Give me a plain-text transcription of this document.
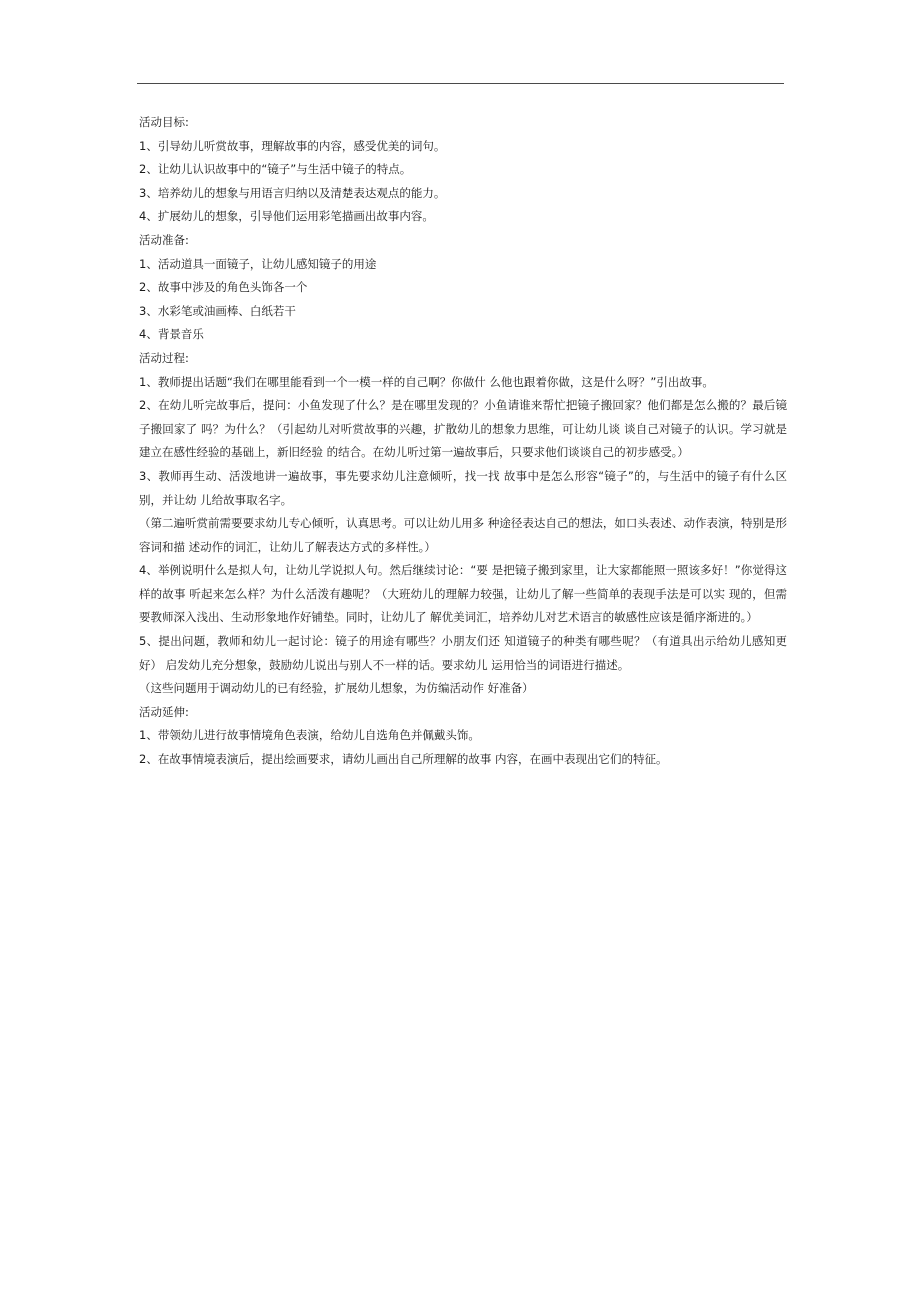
活动目标:

1、引导幼儿听赏故事，理解故事的内容，感受优美的词句。

2、让幼儿认识故事中的“镜子”与生活中镜子的特点。

3、培养幼儿的想象与用语言归纳以及清楚表达观点的能力。

4、扩展幼儿的想象，引导他们运用彩笔描画出故事内容。

活动准备:

1、活动道具一面镜子，让幼儿感知镜子的用途

2、故事中涉及的角色头饰各一个

3、水彩笔或油画棒、白纸若干

4、背景音乐

活动过程:

1、教师提出话题“我们在哪里能看到一个一模一样的自己啊？你做什 么他也跟着你做，这是什么呀？”引出故事。

2、在幼儿听完故事后，提问：小鱼发现了什么？是在哪里发现的？小鱼请谁来帮忙把镜子搬回家？他们都是怎么搬的？最后镜子搬回家了 吗？为什么？（引起幼儿对听赏故事的兴趣，扩散幼儿的想象力思维，可让幼儿谈 谈自己对镜子的认识。学习就是建立在感性经验的基础上，新旧经验 的结合。在幼儿听过第一遍故事后，只要求他们谈谈自己的初步感受。）

3、教师再生动、活泼地讲一遍故事，事先要求幼儿注意倾听，找一找 故事中是怎么形容“镜子”的，与生活中的镜子有什么区别，并让幼 儿给故事取名字。

（第二遍听赏前需要要求幼儿专心倾听，认真思考。可以让幼儿用多 种途径表达自己的想法，如口头表述、动作表演，特别是形容词和描 述动作的词汇，让幼儿了解表达方式的多样性。）

4、举例说明什么是拟人句，让幼儿学说拟人句。然后继续讨论：“要 是把镜子搬到家里，让大家都能照一照该多好！”你觉得这样的故事 听起来怎么样？为什么活泼有趣呢？（大班幼儿的理解力较强，让幼儿了解一些简单的表现手法是可以实 现的，但需要教师深入浅出、生动形象地作好铺垫。同时，让幼儿了 解优美词汇，培养幼儿对艺术语言的敏感性应该是循序渐进的。）

5、提出问题，教师和幼儿一起讨论：镜子的用途有哪些？小朋友们还 知道镜子的种类有哪些呢？（有道具出示给幼儿感知更好） 启发幼儿充分想象，鼓励幼儿说出与别人不一样的话。要求幼儿 运用恰当的词语进行描述。

（这些问题用于调动幼儿的已有经验，扩展幼儿想象，为仿编活动作 好准备）

活动延伸:

1、带领幼儿进行故事情境角色表演，给幼儿自选角色并佩戴头饰。

2、在故事情境表演后，提出绘画要求，请幼儿画出自己所理解的故事 内容，在画中表现出它们的特征。
